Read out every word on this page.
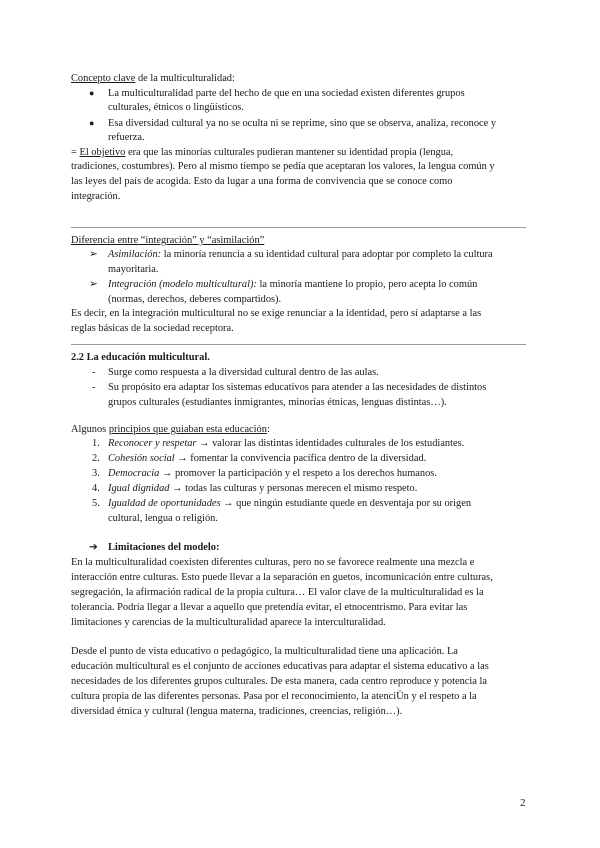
Concepto clave de la multiculturalidad:
● La multiculturalidad parte del hecho de que en una sociedad existen diferentes grupos
culturales, étnicos o lingüísticos.
● Esa diversidad cultural ya no se oculta ni se reprime, sino que se observa, analiza, reconoce y
refuerza.
= El objetivo era que las minorías culturales pudieran mantener su identidad propia (lengua,
tradiciones, costumbres). Pero al mismo tiempo se pedía que aceptaran los valores, la lengua común y
las leyes del país de acogida. Esto da lugar a una forma de convivencia que se conoce como
integración.
Diferencia entre “integración” y “asimilación”
➢ Asimilación: la minoría renuncia a su identidad cultural para adoptar por completo la cultura
mayoritaria.
➢ Integración (modelo multicultural): la minoría mantiene lo propio, pero acepta lo común
(normas, derechos, deberes compartidos).
Es decir, en la integración multicultural no se exige renunciar a la identidad, pero sí adaptarse a las
reglas básicas de la sociedad receptora.
2.2 La educación multicultural.
- Surge como respuesta a la diversidad cultural dentro de las aulas.
- Su propósito era adaptar los sistemas educativos para atender a las necesidades de distintos
grupos culturales (estudiantes inmigrantes, minorías étnicas, lenguas distintas…).
Algunos principios que guiaban esta educación:
1. Reconocer y respetar → valorar las distintas identidades culturales de los estudiantes.
2. Cohesión social → fomentar la convivencia pacífica dentro de la diversidad.
3. Democracia → promover la participación y el respeto a los derechos humanos.
4. Igual dignidad → todas las culturas y personas merecen el mismo respeto.
5. Igualdad de oportunidades → que ningún estudiante quede en desventaja por su origen
cultural, lengua o religión.
➔ Limitaciones del modelo:
En la multiculturalidad coexisten diferentes culturas, pero no se favorece realmente una mezcla e
interacción entre culturas. Esto puede llevar a la separación en guetos, incomunicación entre culturas,
segregación, la afirmación radical de la propia cultura… El valor clave de la multiculturalidad es la
tolerancia. Podría llegar a llevar a aquello que pretendía evitar, el etnocentrismo. Para evitar las
limitaciones y carencias de la multiculturalidad aparece la interculturalidad.
Desde el punto de vista educativo o pedagógico, la multiculturalidad tiene una aplicación. La
educación multicultural es el conjunto de acciones educativas para adaptar el sistema educativo a las
necesidades de los diferentes grupos culturales. De esta manera, cada centro reproduce y potencia la
cultura propia de las diferentes personas. Pasa por el reconocimiento, la atenciÜn y el respeto a la
diversidad étnica y cultural (lengua materna, tradiciones, creencias, religión…).
2
